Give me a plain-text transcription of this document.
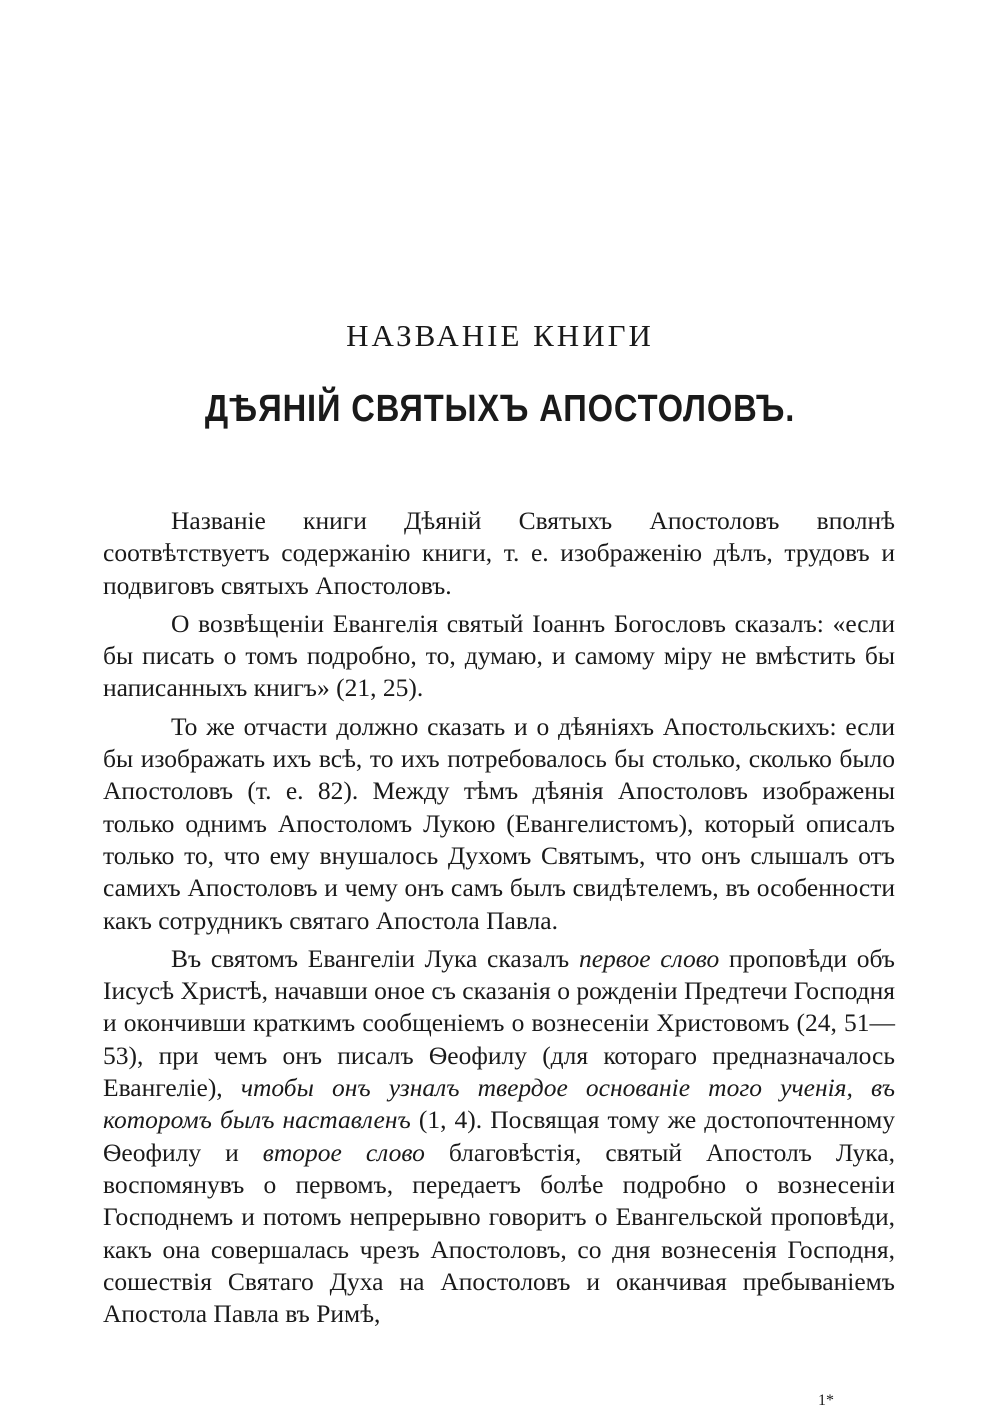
НАЗВАНІЕ КНИГИ
ДѢЯНІЙ СВЯТЫХЪ АПОСТОЛОВЪ.

Названіе книги Дѣяній Святыхъ Апостоловъ вполнѣ соотвѣтствуетъ содержанію книги, т. е. изображенію дѣлъ, трудовъ и подвиговъ святыхъ Апостоловъ.

О возвѣщеніи Евангелія святый Іоаннъ Богословъ сказалъ: «если бы писать о томъ подробно, то, думаю, и самому міру не вмѣстить бы написанныхъ книгъ» (21, 25).

То же отчасти должно сказать и о дѣяніяхъ Апостольскихъ: если бы изображать ихъ всѣ, то ихъ потребовалось бы столько, сколько было Апостоловъ (т. е. 82). Между тѣмъ дѣянія Апостоловъ изображены только однимъ Апостоломъ Лукою (Евангелистомъ), который описалъ только то, что ему внушалось Духомъ Святымъ, что онъ слышалъ отъ самихъ Апостоловъ и чему онъ самъ былъ свидѣтелемъ, въ особенности какъ сотрудникъ святаго Апостола Павла.

Въ святомъ Евангеліи Лука сказалъ первое слово проповѣди объ Іисусѣ Христѣ, начавши оное съ сказанія о рожденіи Предтечи Господня и окончивши краткимъ сообщеніемъ о вознесеніи Христовомъ (24, 51—53), при чемъ онъ писалъ Ѳеофилу (для котораго предназначалось Евангеліе), чтобы онъ узналъ твердое основаніе того ученія, въ которомъ былъ наставленъ (1, 4). Посвящая тому же достопочтенному Ѳеофилу и второе слово благовѣстія, святый Апостолъ Лука, воспомянувъ о первомъ, передаетъ болѣе подробно о вознесеніи Господнемъ и потомъ непрерывно говоритъ о Евангельской проповѣди, какъ она совершалась чрезъ Апостоловъ, со дня вознесенія Господня, сошествія Святаго Духа на Апостоловъ и оканчивая пребываніемъ Апостола Павла въ Римѣ,

1*
